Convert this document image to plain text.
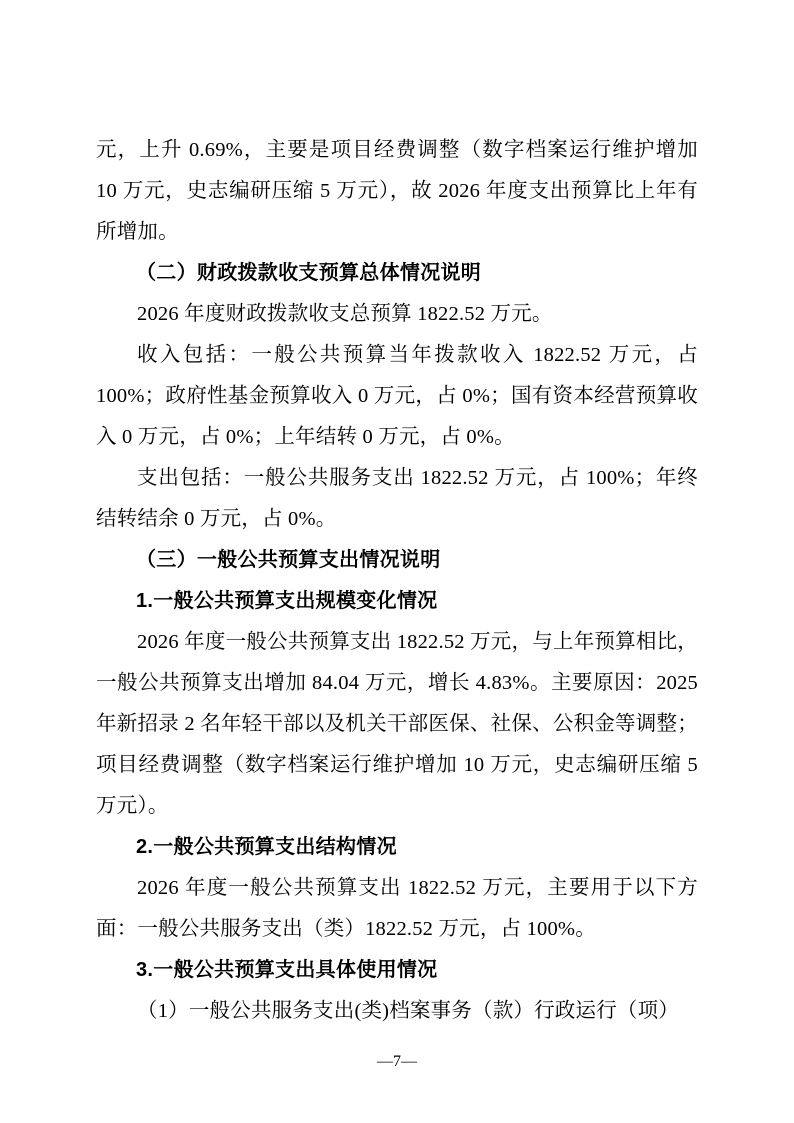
元，上升 0.69%，主要是项目经费调整（数字档案运行维护增加 10 万元，史志编研压缩 5 万元），故 2026 年度支出预算比上年有所增加。

（二）财政拨款收支预算总体情况说明

2026 年度财政拨款收支总预算 1822.52 万元。

收入包括：一般公共预算当年拨款收入 1822.52 万元，占 100%；政府性基金预算收入 0 万元，占 0%；国有资本经营预算收入 0 万元，占 0%；上年结转 0 万元，占 0%。

支出包括：一般公共服务支出 1822.52 万元，占 100%；年终结转结余 0 万元，占 0%。

（三）一般公共预算支出情况说明

1.一般公共预算支出规模变化情况

2026 年度一般公共预算支出 1822.52 万元，与上年预算相比，一般公共预算支出增加 84.04 万元，增长 4.83%。主要原因：2025 年新招录 2 名年轻干部以及机关干部医保、社保、公积金等调整；项目经费调整（数字档案运行维护增加 10 万元，史志编研压缩 5 万元）。

2.一般公共预算支出结构情况

2026 年度一般公共预算支出 1822.52 万元，主要用于以下方面：一般公共服务支出（类）1822.52 万元，占 100%。

3.一般公共预算支出具体使用情况

（1）一般公共服务支出(类)档案事务（款）行政运行（项）

—7—
